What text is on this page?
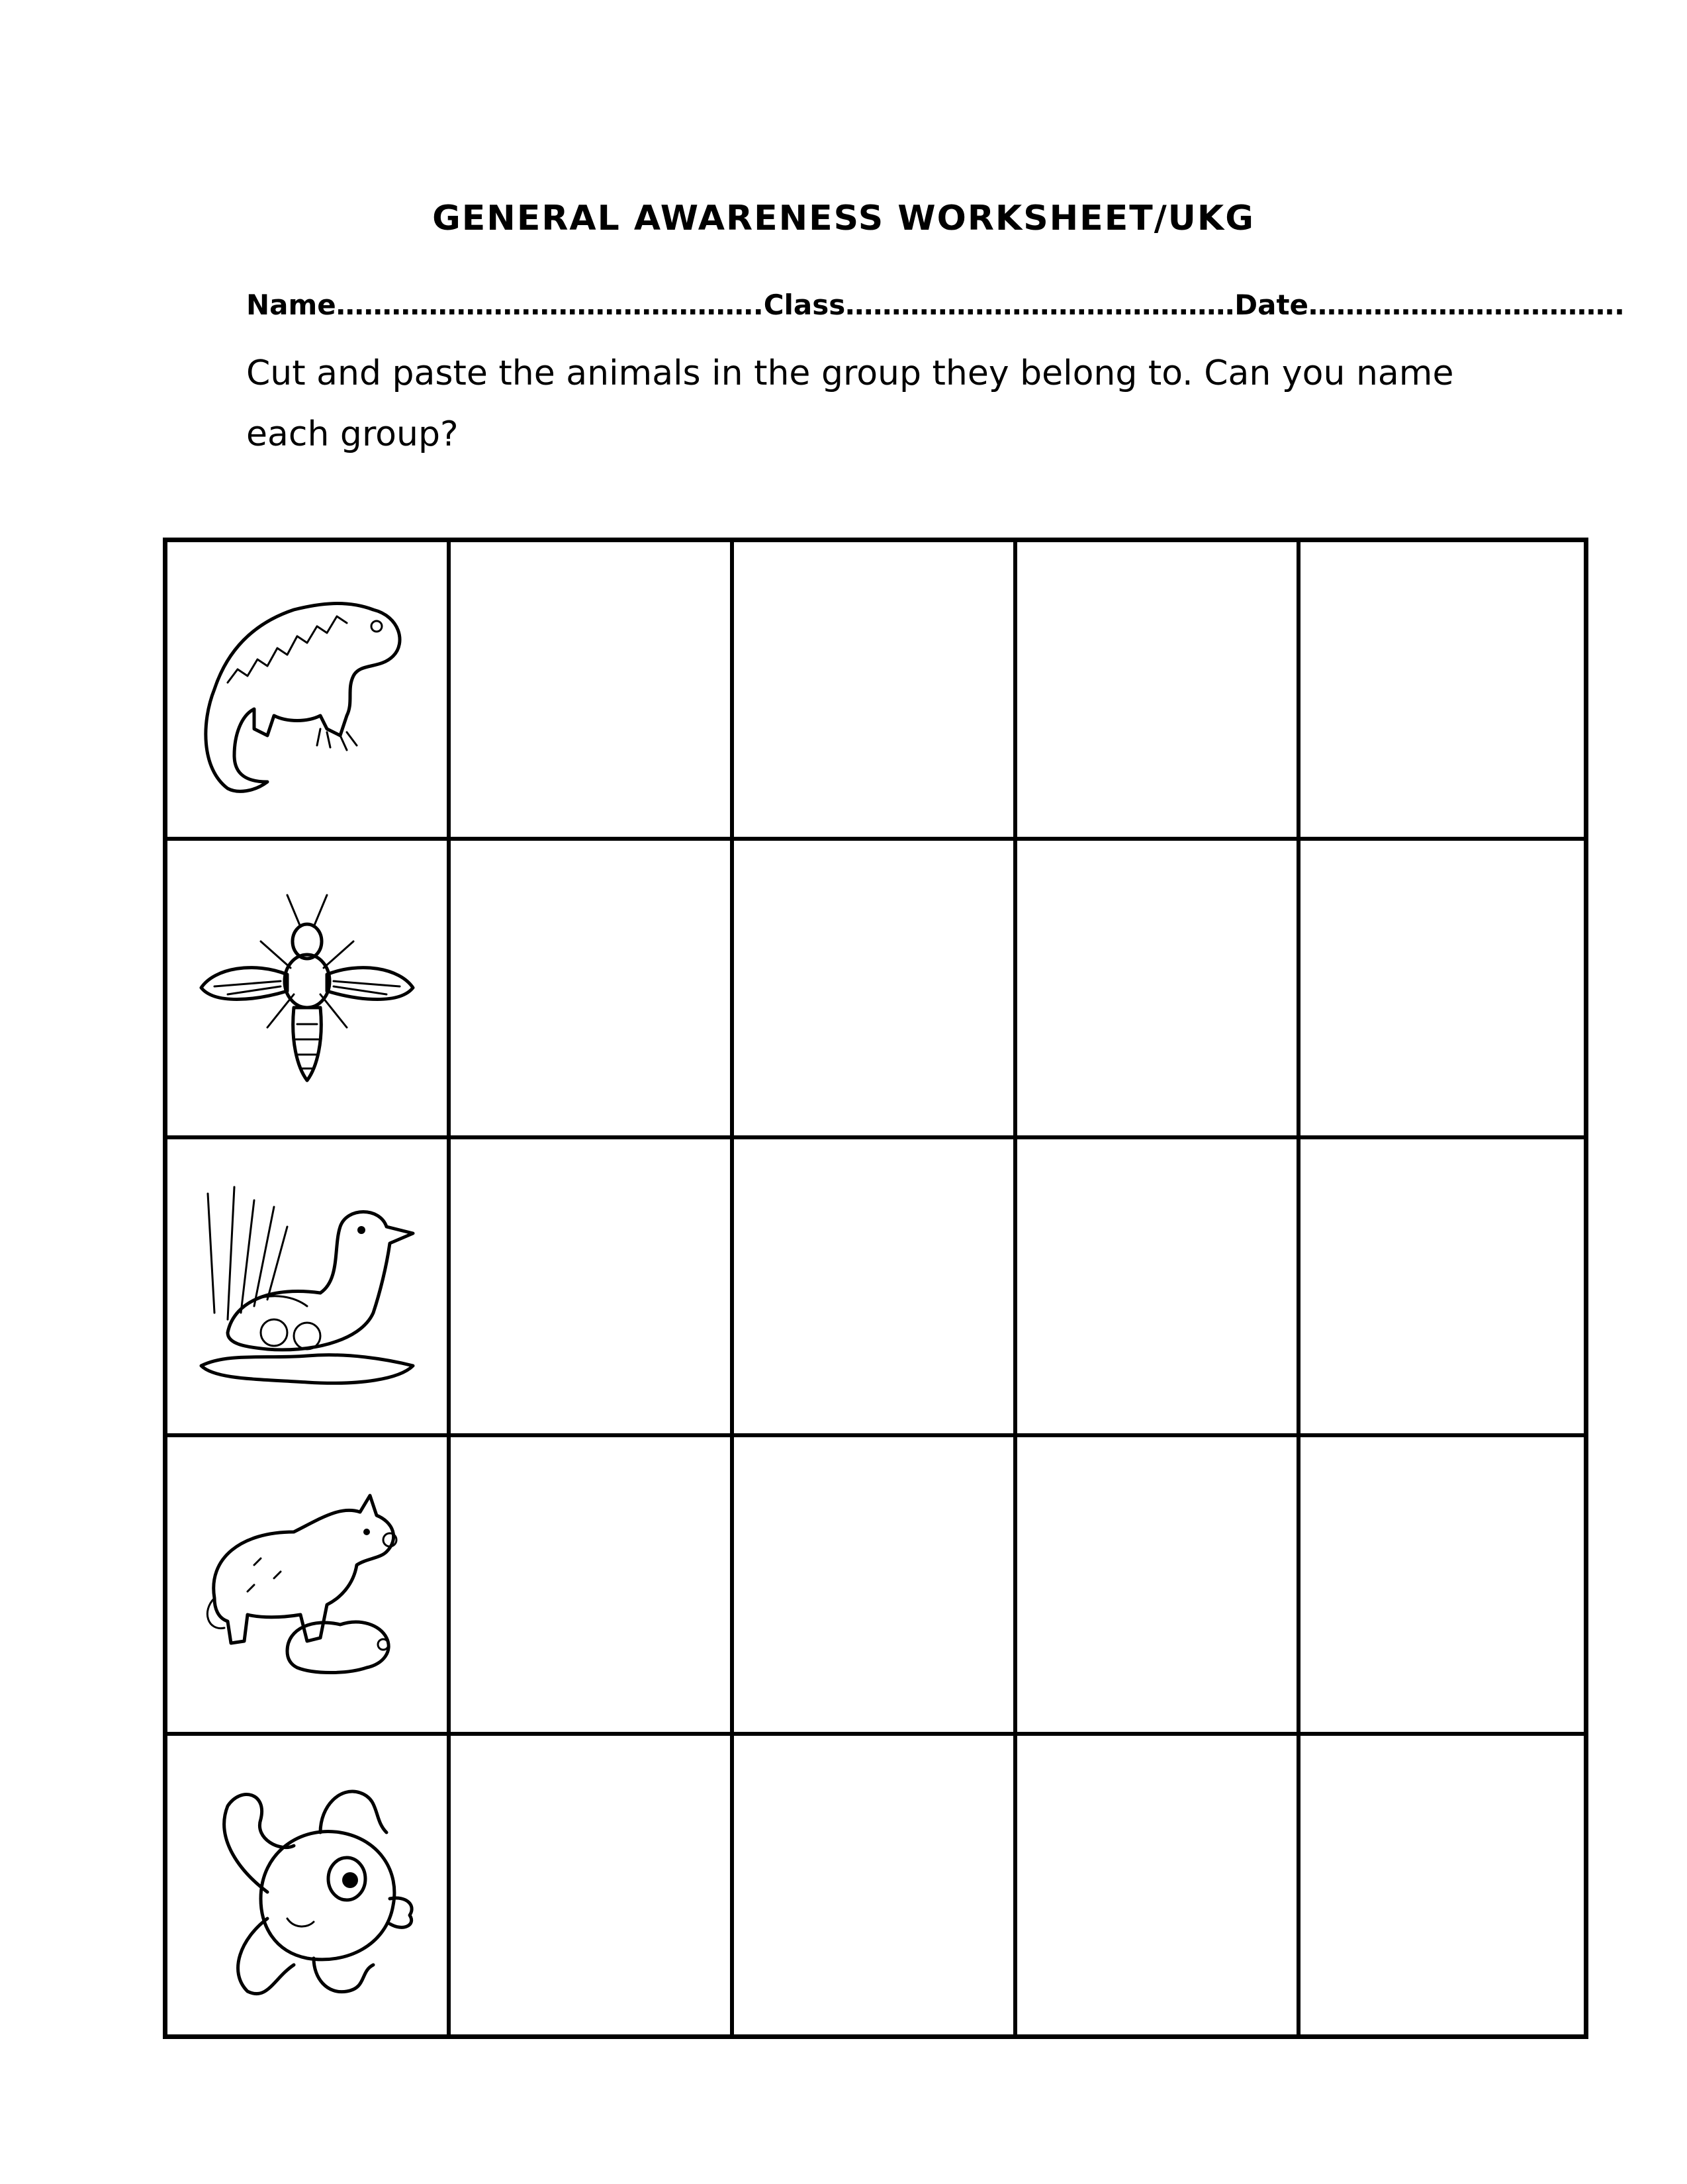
GENERAL AWARENESS WORKSHEET/UKG
Name……………………………………….Class……………………………………Date…………………………….
Cut and paste the animals in the group they belong to. Can you name each group?
